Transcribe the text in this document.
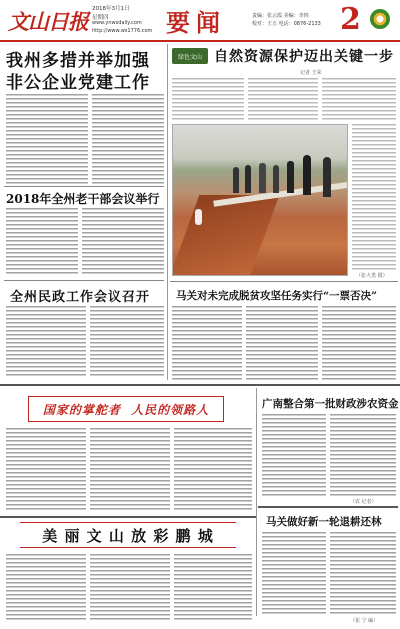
文山日报 2018年3月1日
星期四
www.ynwsdaily.com
http://www.ws1776.com 要闻	责编：张云霞 美编：李四
校对：王五 电话：0876-2133 2
我州多措并举加强
非公企业党建工作
2018年全州老干部会议举行
全州民政工作会议召开
绿色文山 自然资源保护迈出关键一步
记者 王荣
（张大勇 摄）
马关对未完成脱贫攻坚任务实行“一票否决”
国家的掌舵者  人民的领路人	广南整合第一批财政涉农资金
（农 记者）
美 丽 文 山 放 彩 鹏 城
马关做好新一轮退耕还林
（崔 宁 编）
